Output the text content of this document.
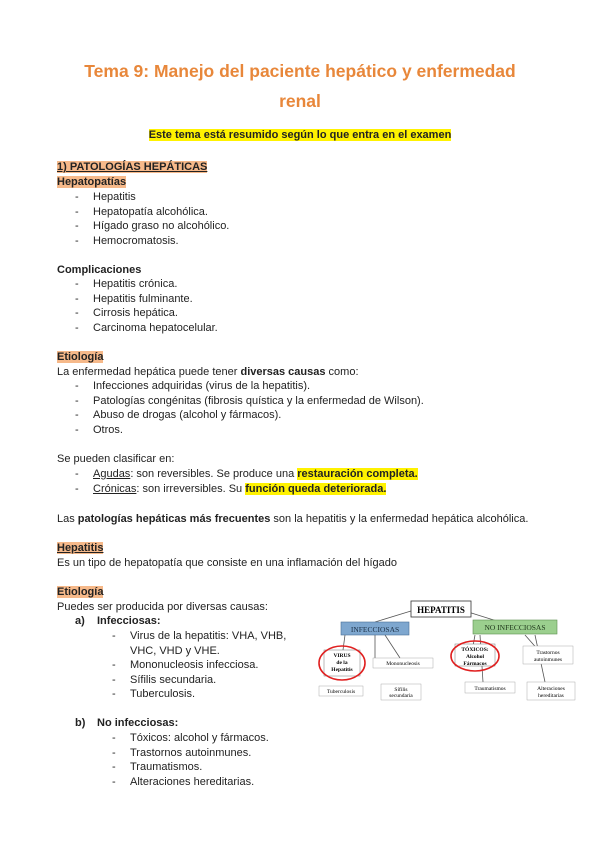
Tema 9: Manejo del paciente hepático y enfermedad
renal
Este tema está resumido según lo que entra en el examen
1) PATOLOGÍAS HEPÁTICAS
Hepatopatías
- Hepatitis
- Hepatopatía alcohólica.
- Hígado graso no alcohólico.
- Hemocromatosis.
Complicaciones
- Hepatitis crónica.
- Hepatitis fulminante.
- Cirrosis hepática.
- Carcinoma hepatocelular.
Etiología
La enfermedad hepática puede tener diversas causas como:
- Infecciones adquiridas (virus de la hepatitis).
- Patologías congénitas (fibrosis quística y la enfermedad de Wilson).
- Abuso de drogas (alcohol y fármacos).
- Otros.
Se pueden clasificar en:
- Agudas: son reversibles. Se produce una restauración completa.
- Crónicas: son irreversibles. Su función queda deteriorada.
Las patologías hepáticas más frecuentes son la hepatitis y la enfermedad hepática alcohólica.
Hepatitis
Es un tipo de hepatopatía que consiste en una inflamación del hígado
Etiología
Puedes ser producida por diversas causas:
a) Infecciosas:
- Virus de la hepatitis: VHA, VHB, VHC, VHD y VHE.
- Mononucleosis infecciosa.
- Sífilis secundaria.
- Tuberculosis.
b) No infecciosas:
- Tóxicos: alcohol y fármacos.
- Trastornos autoinmunes.
- Traumatismos.
- Alteraciones hereditarias.
HEPATITIS
INFECCIOSAS	NO INFECCIOSAS
VIRUS
de la
Hepatitis
Mononucleosis
Tuberculosis	Sífilis
secundaria
TÓXICOS:
Alcohol
Fármacos
Trastornos
autoinmunes
Traumatismos	Alteraciones
hereditarias
